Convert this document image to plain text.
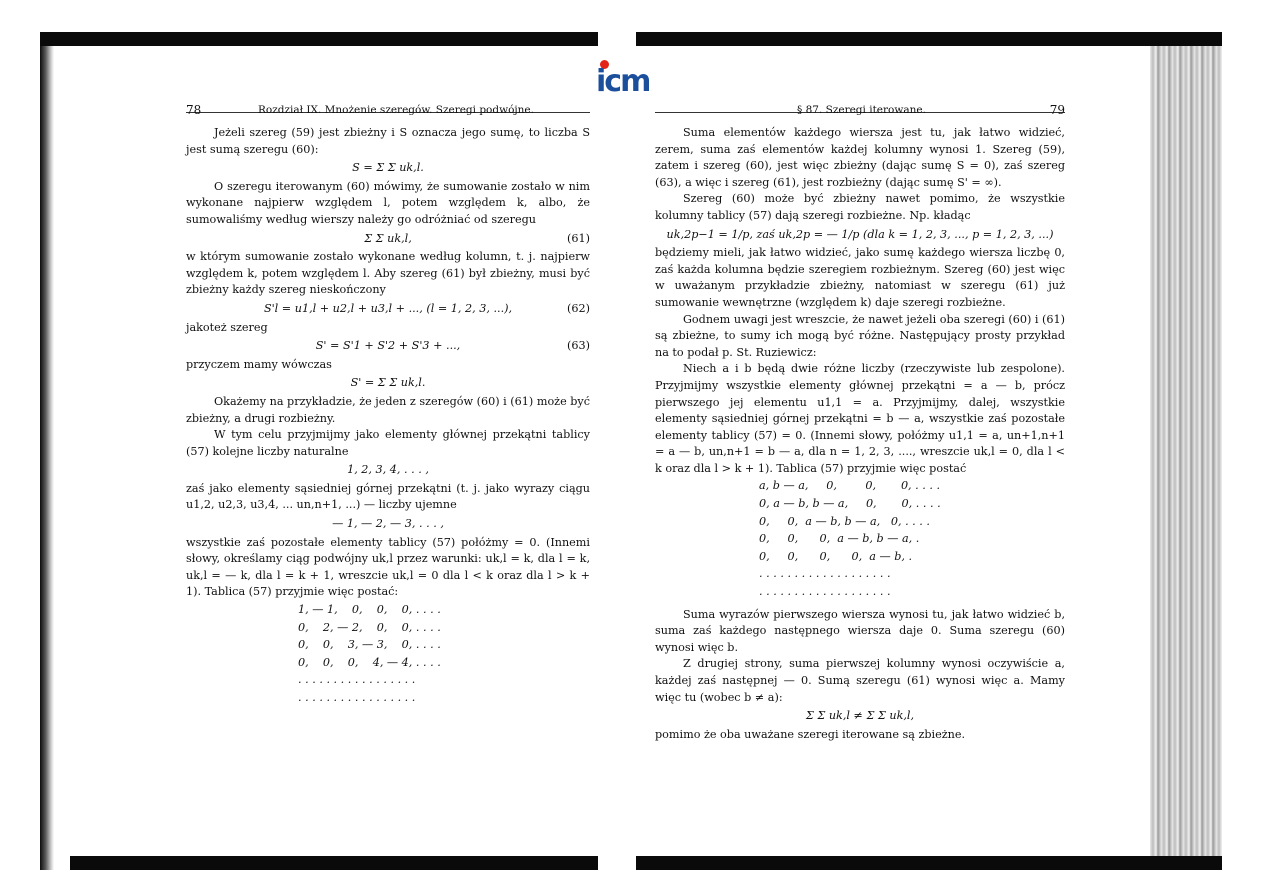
icm
78	Rozdział IX. Mnożenie szeregów. Szeregi podwójne.

Jeżeli szereg (59) jest zbieżny i S oznacza jego sumę, to liczba S jest sumą szeregu (60):

S = Σ Σ uk,l.

O szeregu iterowanym (60) mówimy, że sumowanie zostało w nim wykonane najpierw względem l, potem względem k, albo, że sumowaliśmy według wierszy należy go odróżniać od szeregu

Σ Σ uk,l,	(61)

w którym sumowanie zostało wykonane według kolumn, t. j. najpierw względem k, potem względem l. Aby szereg (61) był zbieżny, musi być zbieżny każdy szereg nieskończony

S'l = u1,l + u2,l + u3,l + ..., (l = 1, 2, 3, ...),	(62)

jakoteż szereg

S' = S'1 + S'2 + S'3 + ...,	(63)

przyczem mamy wówczas

S' = Σ Σ uk,l.

Okażemy na przykładzie, że jeden z szeregów (60) i (61) może być zbieżny, a drugi rozbieżny.

W tym celu przyjmijmy jako elementy głównej przekątni tablicy (57) kolejne liczby naturalne

1, 2, 3, 4, . . . ,

zaś jako elementy sąsiedniej górnej przekątni (t. j. jako wyrazy ciągu u1,2, u2,3, u3,4, ... un,n+1, ...) — liczby ujemne

— 1, — 2, — 3, . . . ,

wszystkie zaś pozostałe elementy tablicy (57) połóżmy = 0. (Innemi słowy, określamy ciąg podwójny uk,l przez warunki: uk,l = k, dla l = k, uk,l = — k, dla l = k + 1, wreszcie uk,l = 0 dla l < k oraz dla l > k + 1). Tablica (57) przyjmie więc postać:

1, — 1,    0,    0,    0, . . . .
0,    2, — 2,    0,    0, . . . .
0,    0,    3, — 3,    0, . . . .
0,    0,    0,    4, — 4, . . . .
. . . . . . . . . . . . . . . . .
. . . . . . . . . . . . . . . . .
§ 87. Szeregi iterowane.	79

Suma elementów każdego wiersza jest tu, jak łatwo widzieć, zerem, suma zaś elementów każdej kolumny wynosi 1. Szereg (59), zatem i szereg (60), jest więc zbieżny (dając sumę S = 0), zaś szereg (63), a więc i szereg (61), jest rozbieżny (dając sumę S' = ∞).

Szereg (60) może być zbieżny nawet pomimo, że wszystkie kolumny tablicy (57) dają szeregi rozbieżne. Np. kładąc

uk,2p−1 = 1/p, zaś uk,2p = — 1/p (dla k = 1, 2, 3, ..., p = 1, 2, 3, ...)

będziemy mieli, jak łatwo widzieć, jako sumę każdego wiersza liczbę 0, zaś każda kolumna będzie szeregiem rozbieżnym. Szereg (60) jest więc w uważanym przykładzie zbieżny, natomiast w szeregu (61) już sumowanie wewnętrzne (względem k) daje szeregi rozbieżne.

Godnem uwagi jest wreszcie, że nawet jeżeli oba szeregi (60) i (61) są zbieżne, to sumy ich mogą być różne. Następujący prosty przykład na to podał p. St. Ruziewicz:

Niech a i b będą dwie różne liczby (rzeczywiste lub zespolone). Przyjmijmy wszystkie elementy głównej przekątni = a — b, prócz pierwszego jej elementu u1,1 = a. Przyjmijmy, dalej, wszystkie elementy sąsiedniej górnej przekątni = b — a, wszystkie zaś pozostałe elementy tablicy (57) = 0. (Innemi słowy, połóżmy u1,1 = a, un+1,n+1 = a — b, un,n+1 = b — a, dla n = 1, 2, 3, ...., wreszcie uk,l = 0, dla l < k oraz dla l > k + 1). Tablica (57) przyjmie więc postać

a, b — a,     0,        0,       0, . . . .
0, a — b, b — a,     0,       0, . . . .
0,     0,  a — b, b — a,   0, . . . .
0,     0,      0,  a — b, b — a, .
0,     0,      0,      0,  a — b, .
. . . . . . . . . . . . . . . . . . .
. . . . . . . . . . . . . . . . . . .

Suma wyrazów pierwszego wiersza wynosi tu, jak łatwo widzieć b, suma zaś każdego następnego wiersza daje 0. Suma szeregu (60) wynosi więc b.

Z drugiej strony, suma pierwszej kolumny wynosi oczywiście a, każdej zaś następnej — 0. Sumą szeregu (61) wynosi więc a. Mamy więc tu (wobec b ≠ a):

Σ Σ uk,l ≠ Σ Σ uk,l,

pomimo że oba uważane szeregi iterowane są zbieżne.
